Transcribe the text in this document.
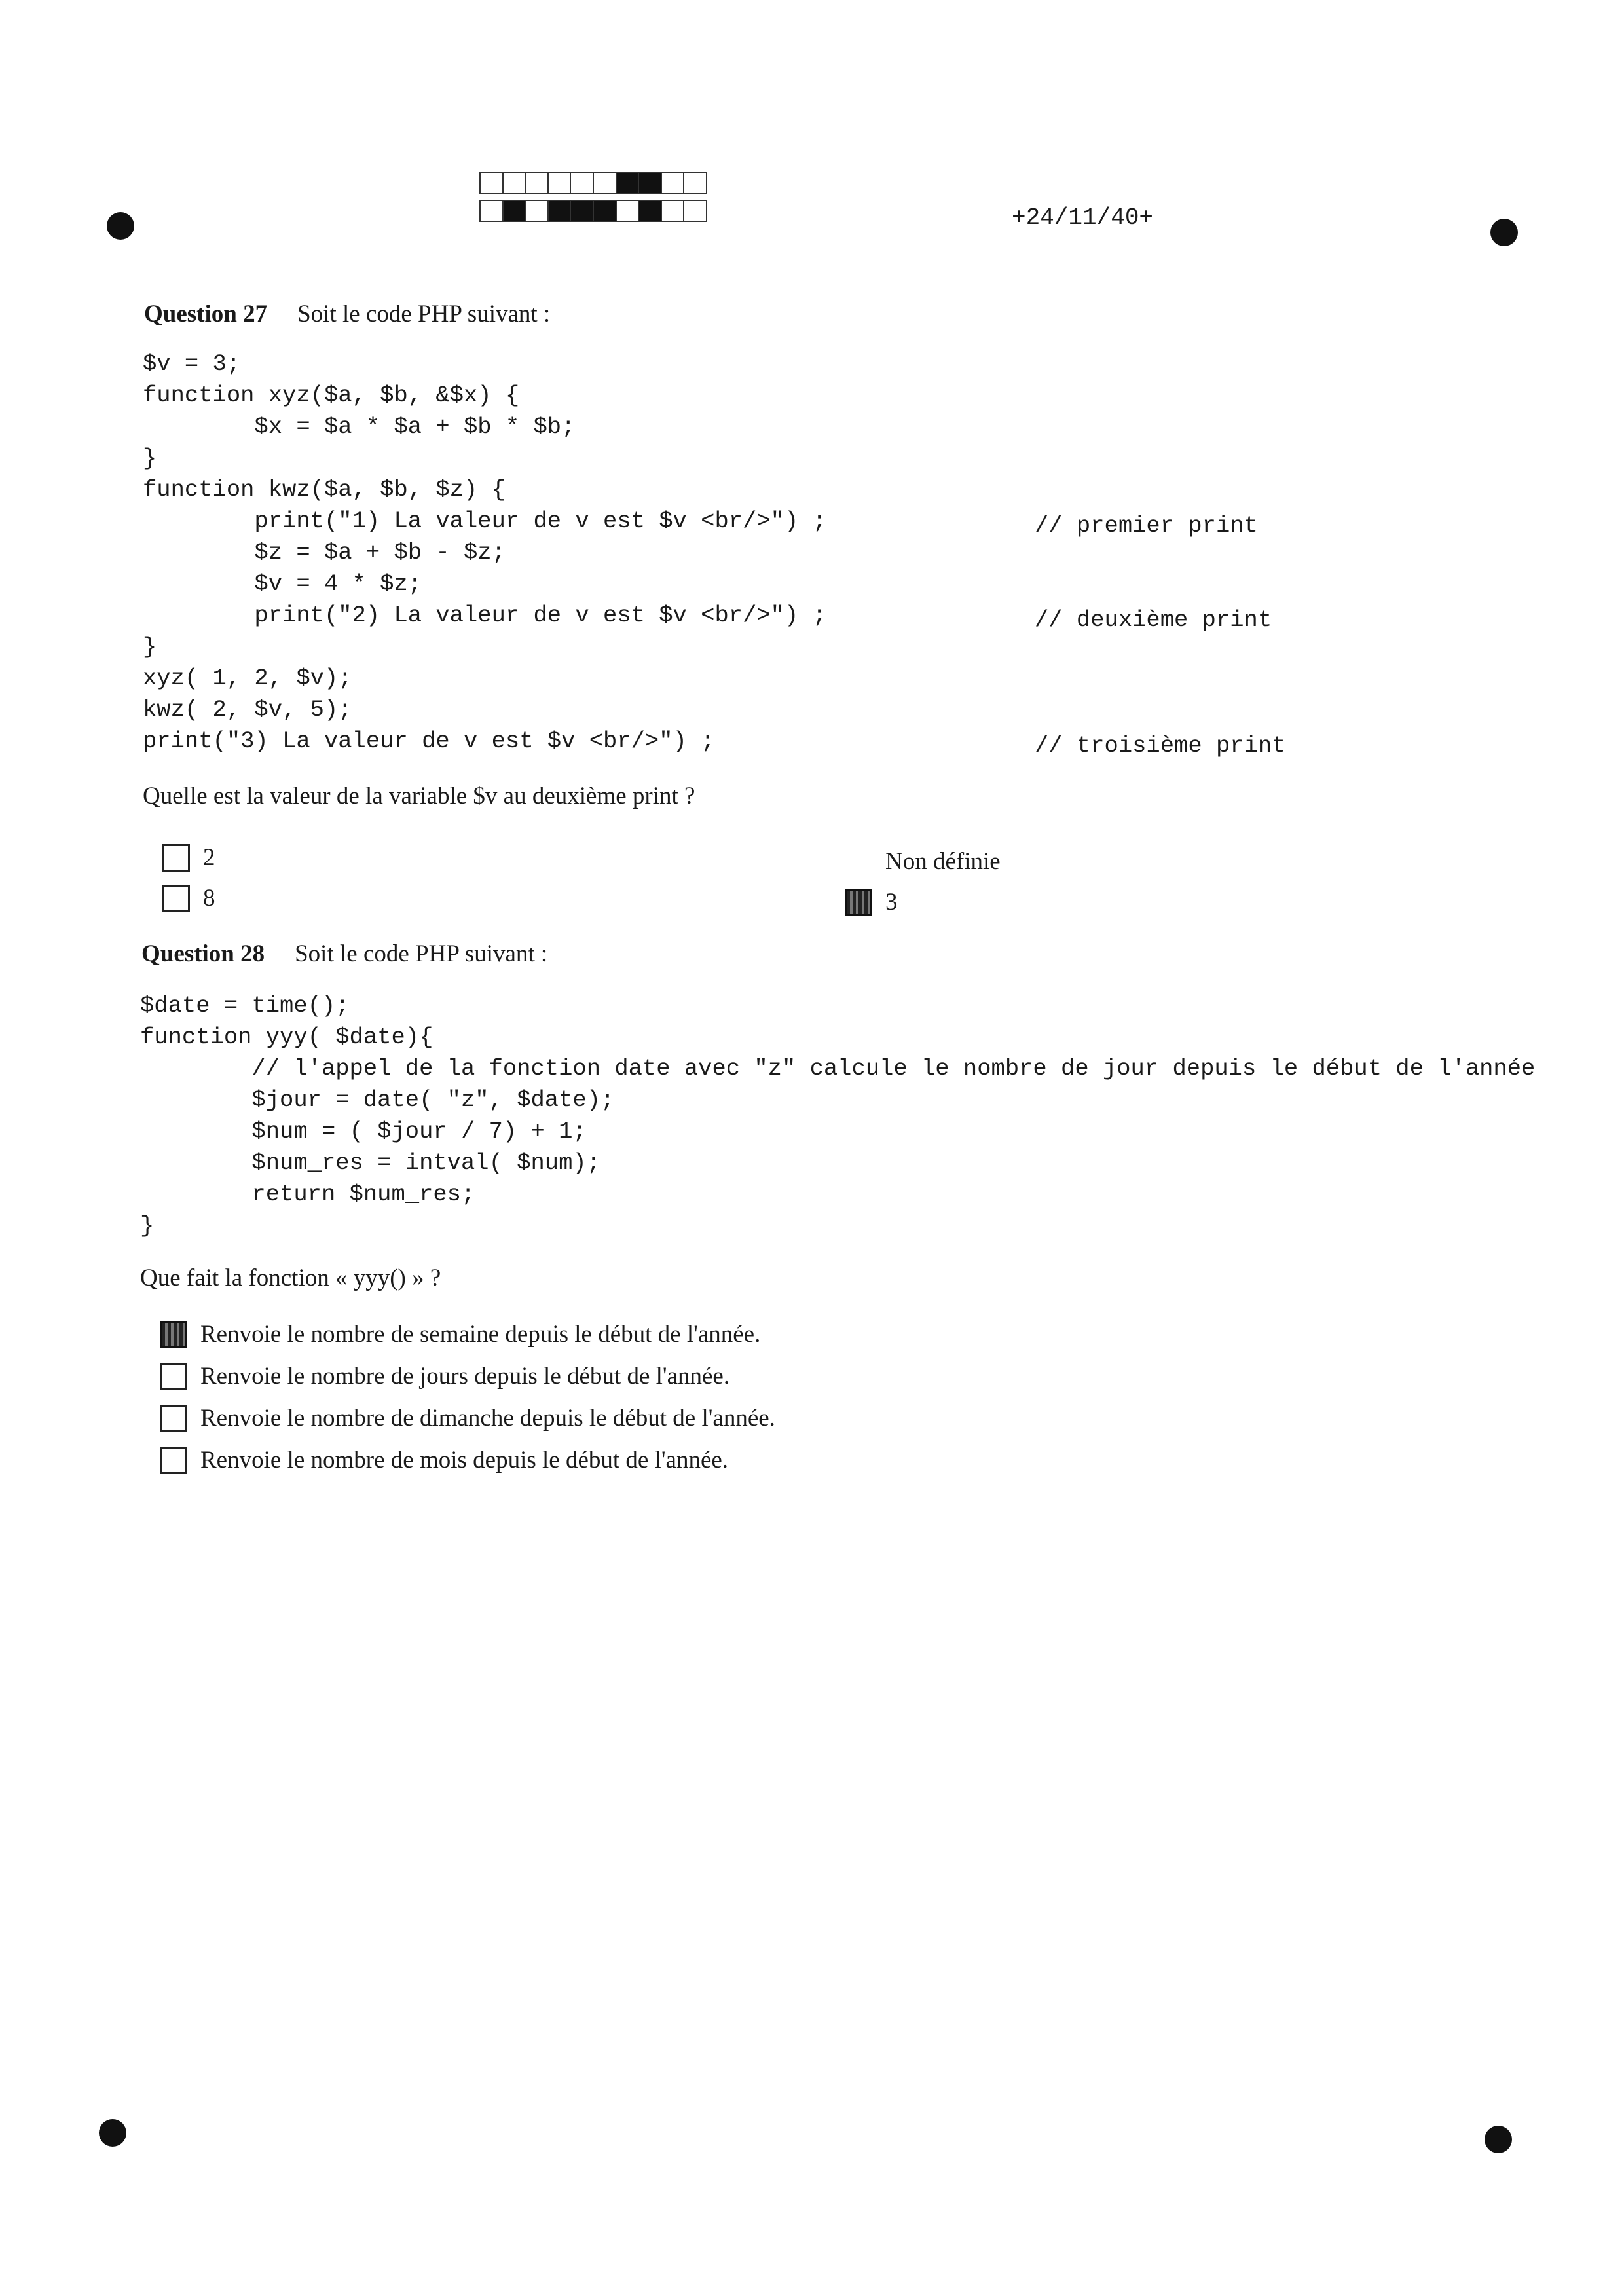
+24/11/40+
Question 27 Soit le code PHP suivant :
$v = 3;
function xyz($a, $b, &$x) {
$x = $a * $a + $b * $b;
}
function kwz($a, $b, $z) {
print("1) La valeur de v est $v <br/>") ;
$z = $a + $b - $z;
$v = 4 * $z;
print("2) La valeur de v est $v <br/>") ;
}
xyz( 1, 2, $v);
kwz( 2, $v, 5);
print("3) La valeur de v est $v <br/>") ;
// premier print
// deuxième print
// troisième print
Quelle est la valeur de la variable $v au deuxième print ?
2
8
Non définie
3
Question 28 Soit le code PHP suivant :
$date = time();
function yyy( $date){
// l'appel de la fonction date avec "z" calcule le nombre de jour depuis le début de l'année
$jour = date( "z", $date);
$num = ( $jour / 7) + 1;
$num_res = intval( $num);
return $num_res;
}
Que fait la fonction « yyy() » ?
Renvoie le nombre de semaine depuis le début de l'année.
Renvoie le nombre de jours depuis le début de l'année.
Renvoie le nombre de dimanche depuis le début de l'année.
Renvoie le nombre de mois depuis le début de l'année.
